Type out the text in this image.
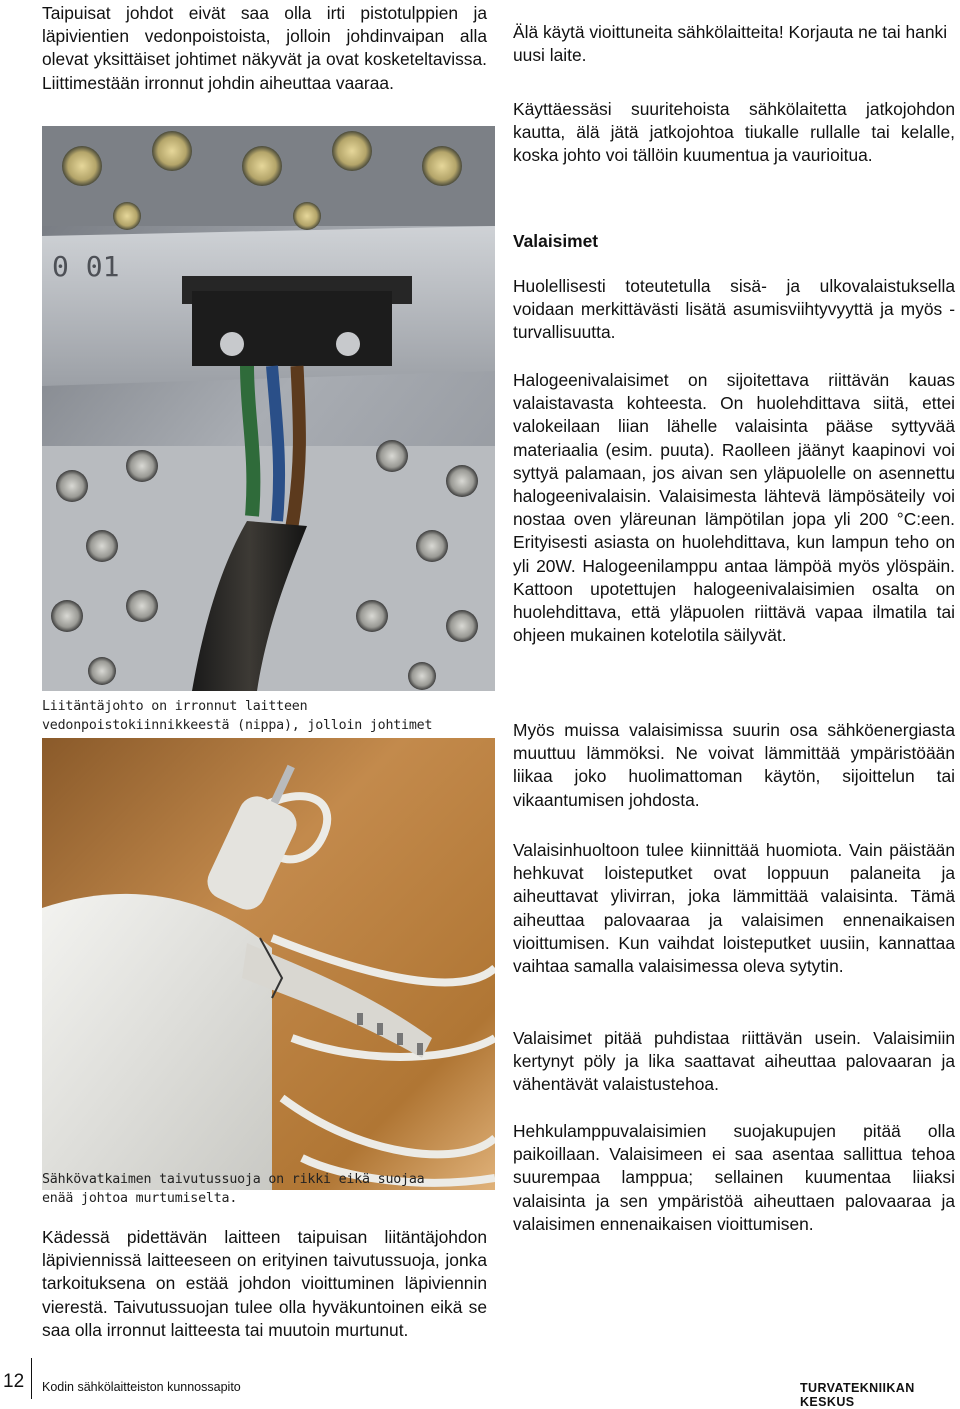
Taipuisat johdot eivät saa olla irti pistotulppien ja läpivientien vedonpoistoista, jolloin johdinvaipan alla olevat yksittäiset johtimet näkyvät ja ovat kosketeltavissa. Liittimestään irronnut johdin aiheuttaa vaaraa.

0 01

Liitäntäjohto on irronnut laitteen vedonpoistokiinnikkeestä (nippa), jolloin johtimet

Sähkövatkaimen taivutussuoja on rikki eikä suojaa enää johtoa murtumiselta.

Kädessä pidettävän laitteen taipuisan liitäntäjohdon läpiviennissä laitteeseen on erityinen taivutussuoja, jonka tarkoituksena on estää johdon vioittuminen läpiviennin vierestä. Taivutussuojan tulee olla hyväkuntoinen eikä se saa olla irronnut laitteesta tai muutoin murtunut.

Älä käytä vioittuneita sähkölaitteita! Korjauta ne tai hanki uusi laite.

Käyttäessäsi suuritehoista sähkölaitetta jatkojohdon kautta, älä jätä jatkojohtoa tiukalle rullalle tai kelalle, koska johto voi tällöin kuumentua ja vaurioitua.

Valaisimet

Huolellisesti toteutetulla sisä- ja ulkovalaistuksella voidaan merkittävästi lisätä asumisviihtyvyyttä ja myös -turvallisuutta.

Halogeenivalaisimet on sijoitettava riittävän kauas valaistavasta kohteesta. On huolehdittava siitä, ettei valokeilaan liian lähelle valaisinta pääse syttyvää materiaalia (esim. puuta). Raolleen jäänyt kaapinovi voi syttyä palamaan, jos aivan sen yläpuolelle on asennettu halogeenivalaisin. Valaisimesta lähtevä lämpösäteily voi nostaa oven yläreunan lämpötilan jopa yli 200 °C:een. Erityisesti asiasta on huolehdittava, kun lampun teho on yli 20W. Halogeenilamppu antaa lämpöä myös ylöspäin. Kattoon upotettujen halogeenivalaisimien osalta on huolehdittava, että yläpuolen riittävä vapaa ilmatila tai ohjeen mukainen kotelotila säilyvät.

Myös muissa valaisimissa suurin osa sähköenergiasta muuttuu lämmöksi. Ne voivat lämmittää ympäristöään liikaa joko huolimattoman käytön, sijoittelun tai vikaantumisen johdosta.

Valaisinhuoltoon tulee kiinnittää huomiota. Vain päistään hehkuvat loisteputket ovat loppuun palaneita ja aiheuttavat ylivirran, joka lämmittää valaisinta. Tämä aiheuttaa palovaaraa ja valaisimen ennenaikaisen vioittumisen. Kun vaihdat loisteputket uusiin, kannattaa vaihtaa samalla valaisimessa oleva sytytin.

Valaisimet pitää puhdistaa riittävän usein. Valaisimiin kertynyt pöly ja lika saattavat aiheuttaa palovaaran ja vähentävät valaistustehoa.

Hehkulamppuvalaisimien suojakupujen pitää olla paikoillaan. Valaisimeen ei saa asentaa sallittua tehoa suurempaa lamppua; sellainen kuumentaa liiaksi valaisinta ja sen ympäristöä aiheuttaen palovaaraa ja valaisimen ennenaikaisen vioittumisen.

12 Kodin sähkölaitteiston kunnossapito	TURVATEKNIIKAN KESKUS
